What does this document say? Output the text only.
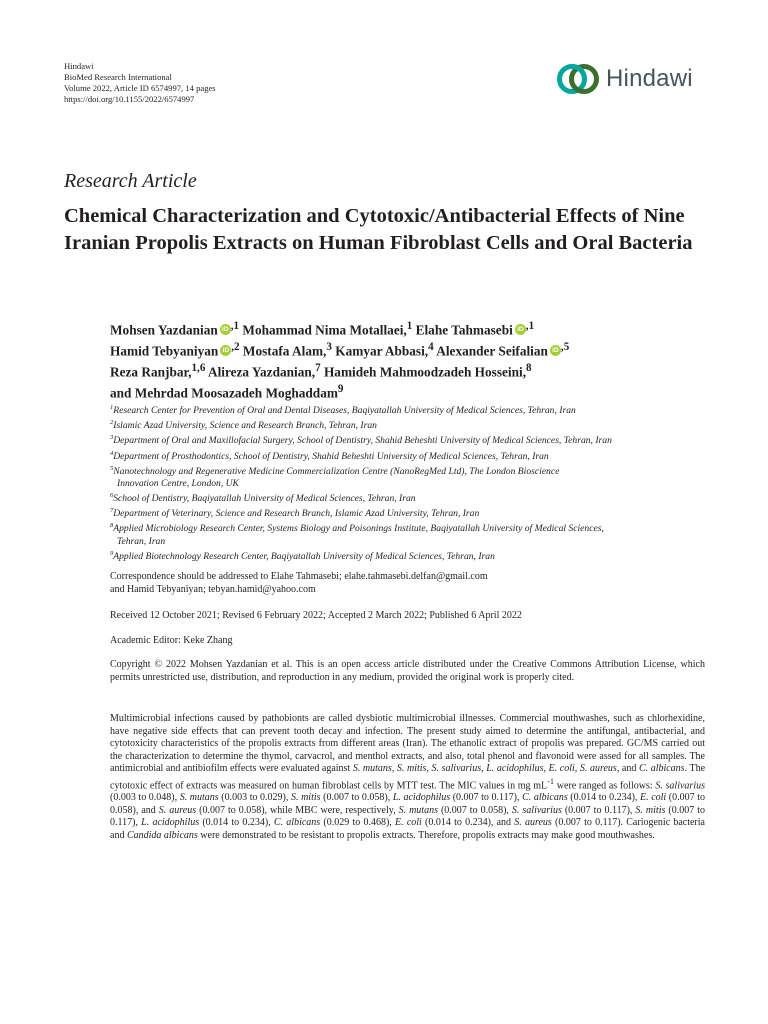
Hindawi
BioMed Research International
Volume 2022, Article ID 6574997, 14 pages
https://doi.org/10.1155/2022/6574997
Hindawi
Research Article
Chemical Characterization and Cytotoxic/Antibacterial Effects of Nine Iranian Propolis Extracts on Human Fibroblast Cells and Oral Bacteria
Mohsen Yazdanian iD $^{,1}$ Mohammad Nima Motallaei,$^1$ Elahe Tahmasebi iD $^{,1}$
Hamid Tebyaniyan iD $^{,2}$ Mostafa Alam,$^3$ Kamyar Abbasi,$^4$ Alexander Seifalian iD $^{,5}$
Reza Ranjbar,$^{1,6}$ Alireza Yazdanian,$^7$ Hamideh Mahmoodzadeh Hosseini,$^8$
and Mehrdad Moosazadeh Moghaddam$^9$
$^1$Research Center for Prevention of Oral and Dental Diseases, Baqiyatallah University of Medical Sciences, Tehran, Iran
$^2$Islamic Azad University, Science and Research Branch, Tehran, Iran
$^3$Department of Oral and Maxillofacial Surgery, School of Dentistry, Shahid Beheshti University of Medical Sciences, Tehran, Iran
$^4$Department of Prosthodontics, School of Dentistry, Shahid Beheshti University of Medical Sciences, Tehran, Iran
$^5$Nanotechnology and Regenerative Medicine Commercialization Centre (NanoRegMed Ltd), The London Bioscience
Innovation Centre, London, UK
$^6$School of Dentistry, Baqiyatallah University of Medical Sciences, Tehran, Iran
$^7$Department of Veterinary, Science and Research Branch, Islamic Azad University, Tehran, Iran
$^8$Applied Microbiology Research Center, Systems Biology and Poisonings Institute, Baqiyatallah University of Medical Sciences,
Tehran, Iran
$^9$Applied Biotechnology Research Center, Baqiyatallah University of Medical Sciences, Tehran, Iran
Correspondence should be addressed to Elahe Tahmasebi; elahe.tahmasebi.delfan@gmail.com
and Hamid Tebyaniyan; tebyan.hamid@yahoo.com
Received 12 October 2021; Revised 6 February 2022; Accepted 2 March 2022; Published 6 April 2022
Academic Editor: Keke Zhang
Copyright © 2022 Mohsen Yazdanian et al. This is an open access article distributed under the Creative Commons Attribution License, which permits unrestricted use, distribution, and reproduction in any medium, provided the original work is properly cited.
Multimicrobial infections caused by pathobionts are called dysbiotic multimicrobial illnesses. Commercial mouthwashes, such as chlorhexidine, have negative side effects that can prevent tooth decay and infection. The present study aimed to determine the antifungal, antibacterial, and cytotoxicity characteristics of the propolis extracts from different areas (Iran). The ethanolic extract of propolis was prepared. GC/MS carried out the characterization to determine the thymol, carvacrol, and menthol extracts, and also, total phenol and flavonoid were assed for all samples. The antimicrobial and antibiofilm effects were evaluated against S. mutans, S. mitis, S. salivarius, L. acidophilus, E. coli, S. aureus, and C. albicans. The cytotoxic effect of extracts was measured on human fibroblast cells by MTT test. The MIC values in mg $mL^{-1}$ were ranged as follows: S. salivarius (0.003 to 0.048), S. mutans (0.003 to 0.029), S. mitis (0.007 to 0.058), L. acidophilus (0.007 to 0.117), C. albicans (0.014 to 0.234), E. coli (0.007 to 0.058), and S. aureus (0.007 to 0.058), while MBC were, respectively, S. mutans (0.007 to 0.058), S. salivarius (0.007 to 0.117), S. mitis (0.007 to 0.117), L. acidophilus (0.014 to 0.234), C. albicans (0.029 to 0.468), E. coli (0.014 to 0.234), and S. aureus (0.007 to 0.117). Cariogenic bacteria and Candida albicans were demonstrated to be resistant to propolis extracts. Therefore, propolis extracts may make good mouthwashes.
